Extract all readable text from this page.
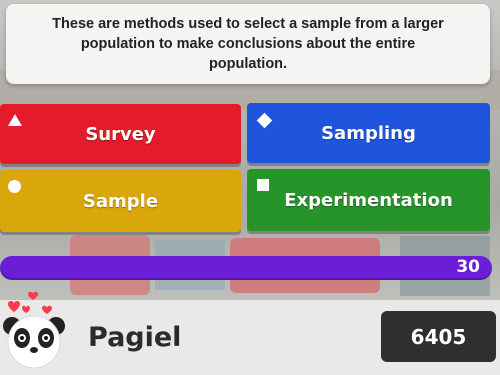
These are methods used to select a sample from a larger population to make conclusions about the entire population.
Survey	Sampling
Sample	Experimentation
30
Pagiel	6405
